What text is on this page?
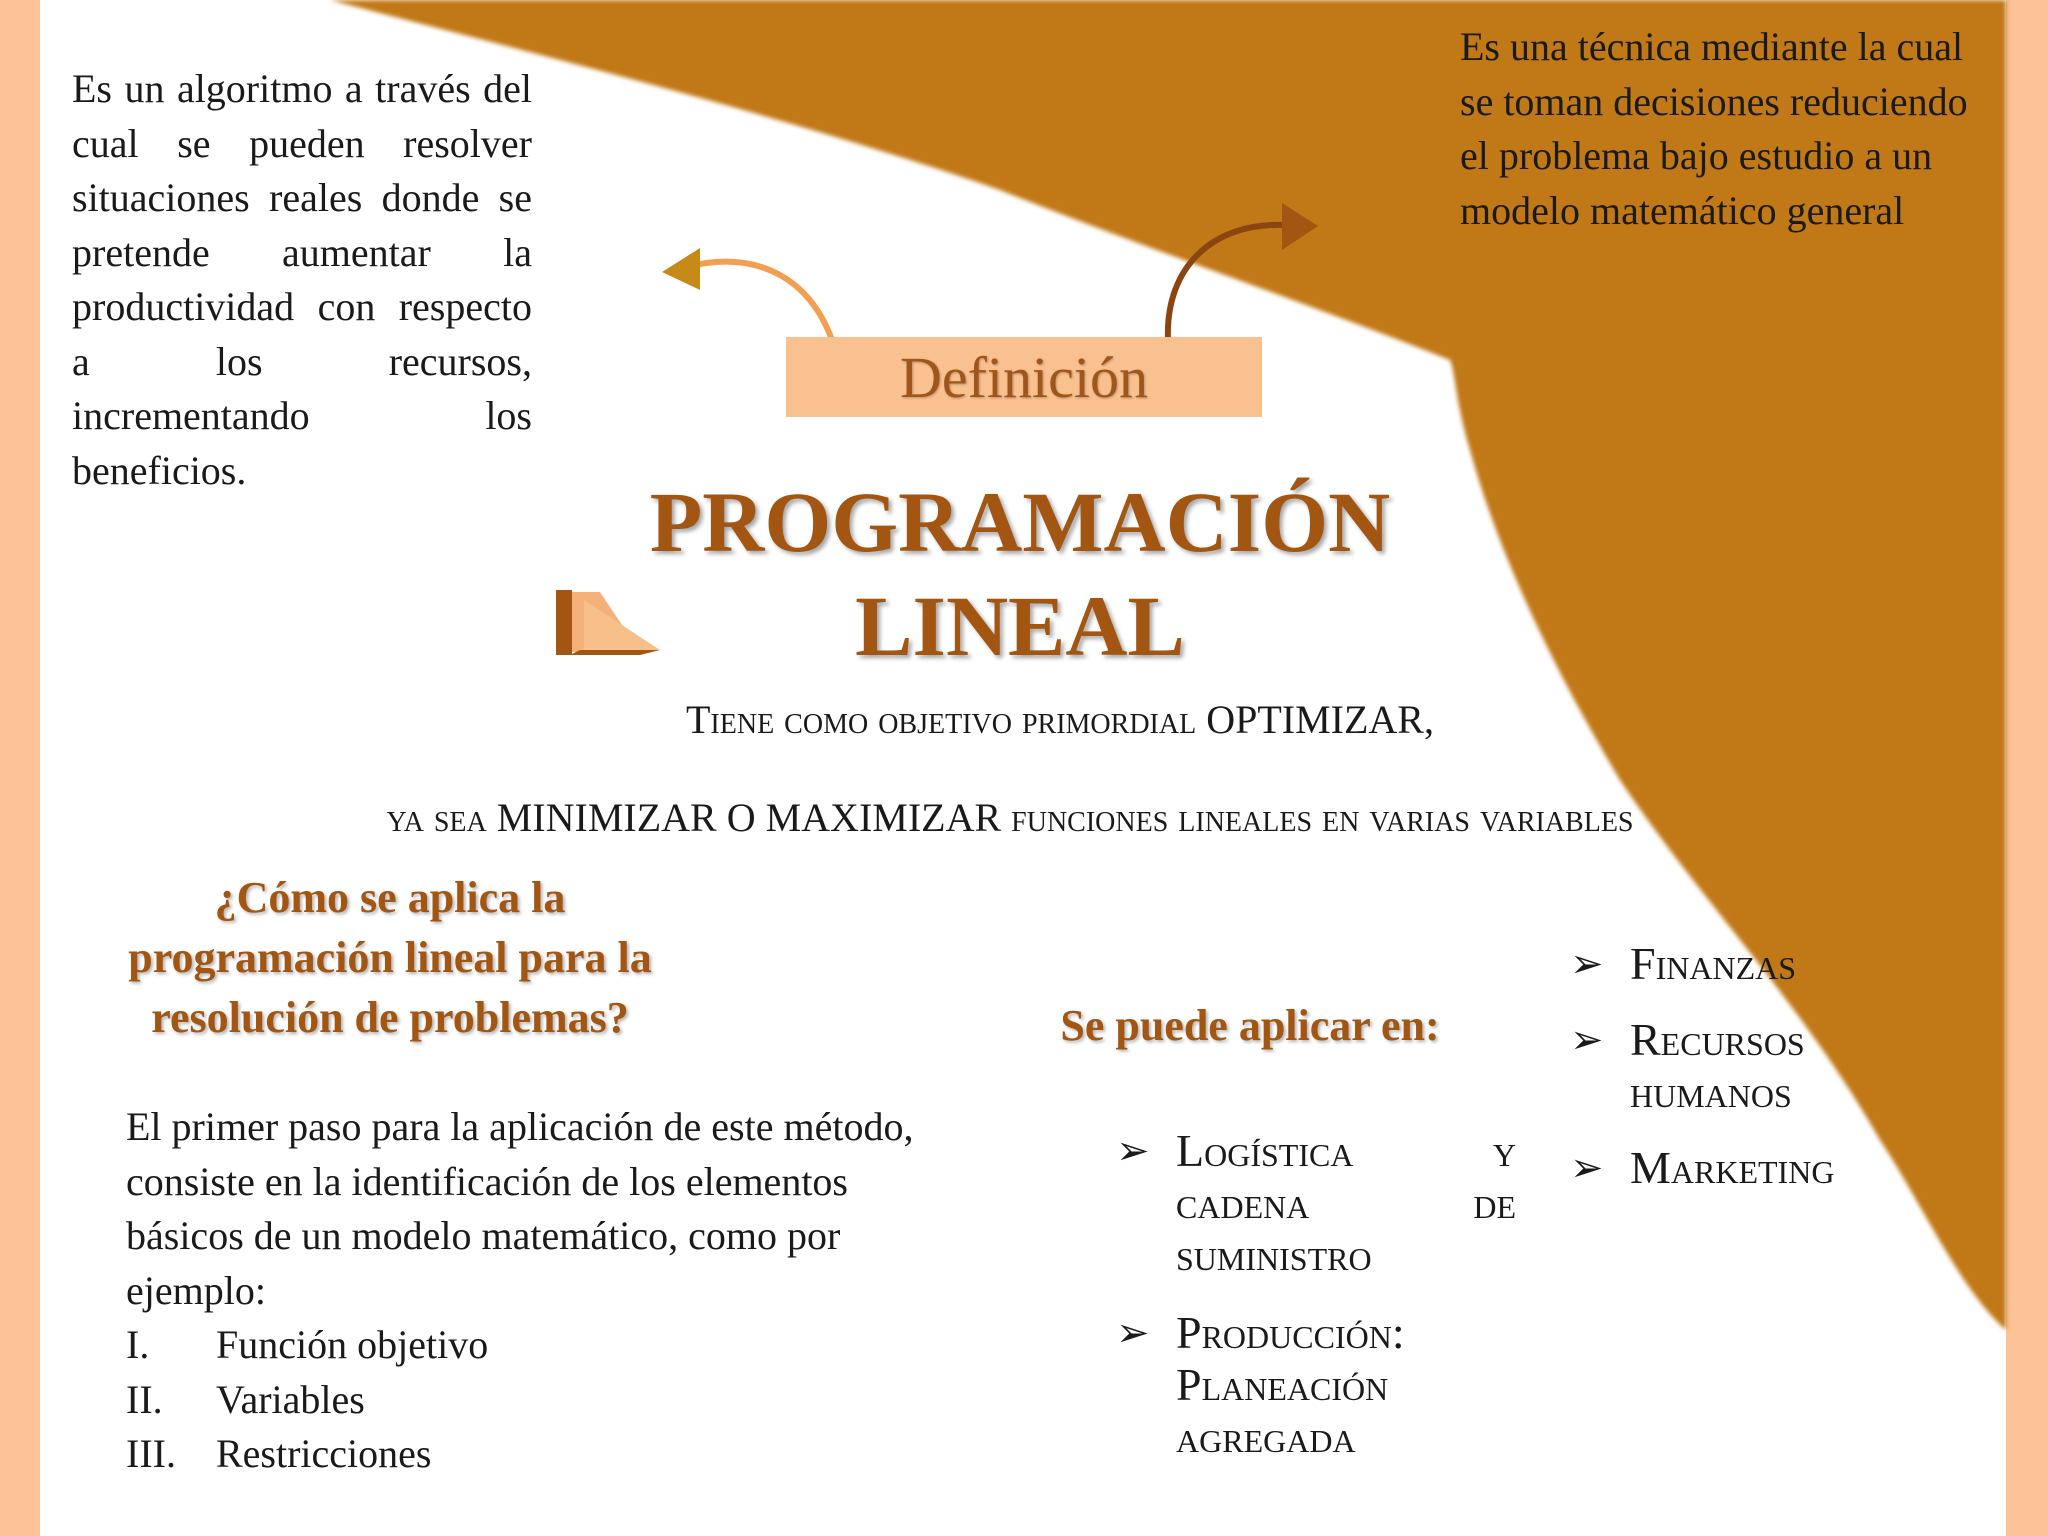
Es un algoritmo a través del cual se pueden resolver situaciones reales donde se pretende aumentar la productividad con respecto a los recursos, incrementando los beneficios.
Es una técnica mediante la cual se toman decisiones reduciendo el problema bajo estudio a un modelo matemático general
Definición
PROGRAMACIÓN
LINEAL
Tiene como objetivo primordial OPTIMIZAR,
ya sea MINIMIZAR O MAXIMIZAR funciones lineales en varias variables
¿Cómo se aplica la programación lineal para la resolución de problemas?	Se puede aplicar en:
El primer paso para la aplicación de este método, consiste en la identificación de los elementos básicos de un modelo matemático, como por ejemplo:
I.	Función objetivo
II.	Variables
III.	Restricciones
➢ Logística y cadena de suministro
➢ Producción: Planeación agregada
➢ Finanzas
➢ Recursos humanos
➢ Marketing
